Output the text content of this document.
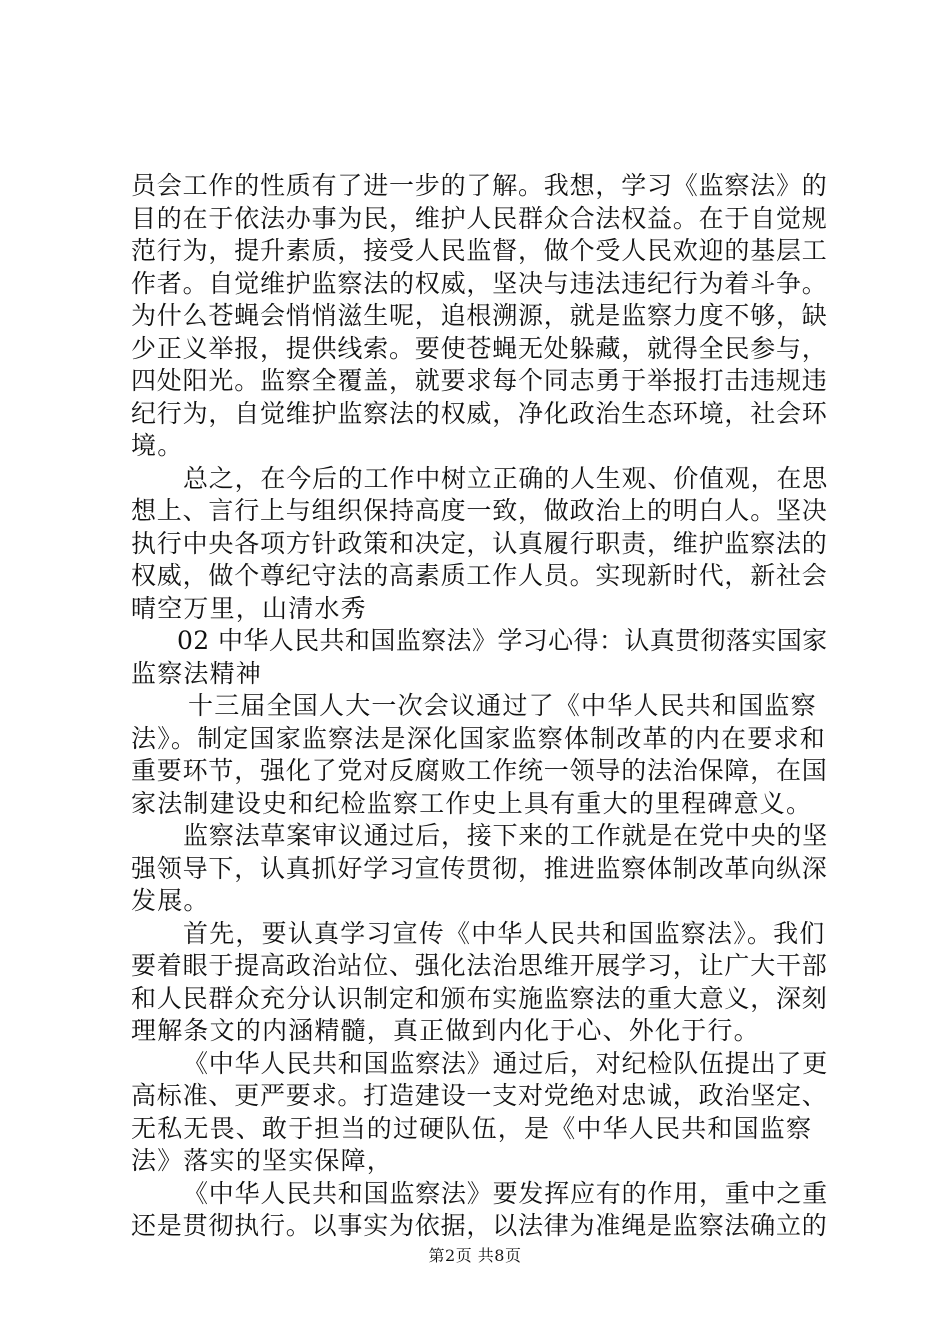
员会工作的性质有了进一步的了解。我想，学习《监察法》的
目的在于依法办事为民，维护人民群众合法权益。在于自觉规
范行为，提升素质，接受人民监督，做个受人民欢迎的基层工
作者。自觉维护监察法的权威，坚决与违法违纪行为着斗争。
为什么苍蝇会悄悄滋生呢，追根溯源，就是监察力度不够，缺
少正义举报，提供线索。要使苍蝇无处躲藏，就得全民参与，
四处阳光。监察全覆盖，就要求每个同志勇于举报打击违规违
纪行为，自觉维护监察法的权威，净化政治生态环境，社会环
境。
总之，在今后的工作中树立正确的人生观、价值观，在思
想上、言行上与组织保持高度一致，做政治上的明白人。坚决
执行中央各项方针政策和决定，认真履行职责，维护监察法的
权威，做个尊纪守法的高素质工作人员。实现新时代，新社会
晴空万里，山清水秀
02 中华人民共和国监察法》学习心得：认真贯彻落实国家
监察法精神
十三届全国人大一次会议通过了《中华人民共和国监察
法》。制定国家监察法是深化国家监察体制改革的内在要求和
重要环节，强化了党对反腐败工作统一领导的法治保障，在国
家法制建设史和纪检监察工作史上具有重大的里程碑意义。
监察法草案审议通过后，接下来的工作就是在党中央的坚
强领导下，认真抓好学习宣传贯彻，推进监察体制改革向纵深
发展。
首先，要认真学习宣传《中华人民共和国监察法》。我们
要着眼于提高政治站位、强化法治思维开展学习，让广大干部
和人民群众充分认识制定和颁布实施监察法的重大意义，深刻
理解条文的内涵精髓，真正做到内化于心、外化于行。
《中华人民共和国监察法》通过后，对纪检队伍提出了更
高标准、更严要求。打造建设一支对党绝对忠诚，政治坚定、
无私无畏、敢于担当的过硬队伍，是《中华人民共和国监察
法》落实的坚实保障，
《中华人民共和国监察法》要发挥应有的作用，重中之重
还是贯彻执行。以事实为依据，以法律为准绳是监察法确立的
第2页 共8页
